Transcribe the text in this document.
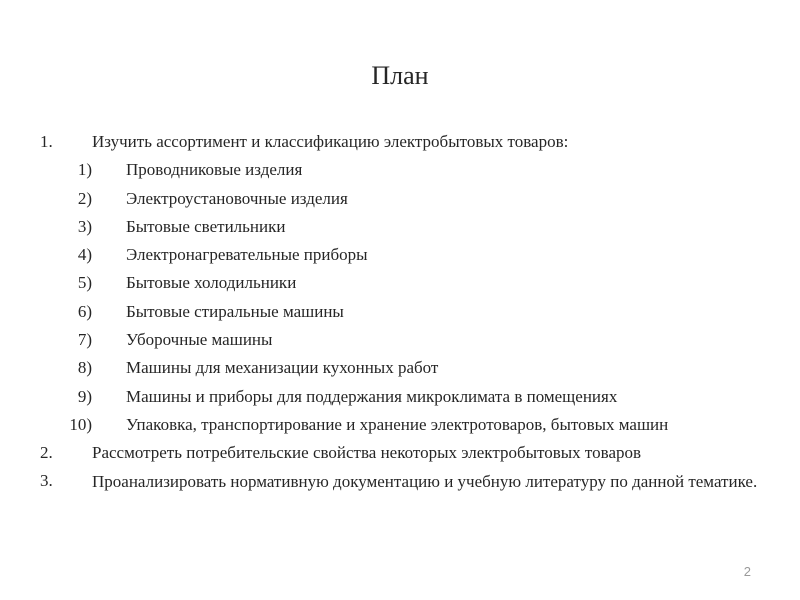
План
1. Изучить ассортимент и классификацию электробытовых товаров:
1) Проводниковые изделия
2) Электроустановочные изделия
3) Бытовые светильники
4) Электронагревательные приборы
5) Бытовые холодильники
6) Бытовые стиральные машины
7) Уборочные машины
8) Машины для механизации кухонных работ
9) Машины и приборы для поддержания микроклимата в помещениях
10) Упаковка, транспортирование и хранение электротоваров, бытовых машин
2. Рассмотреть потребительские свойства некоторых электробытовых товаров
3. Проанализировать нормативную документацию и учебную литературу по данной тематике.
2
